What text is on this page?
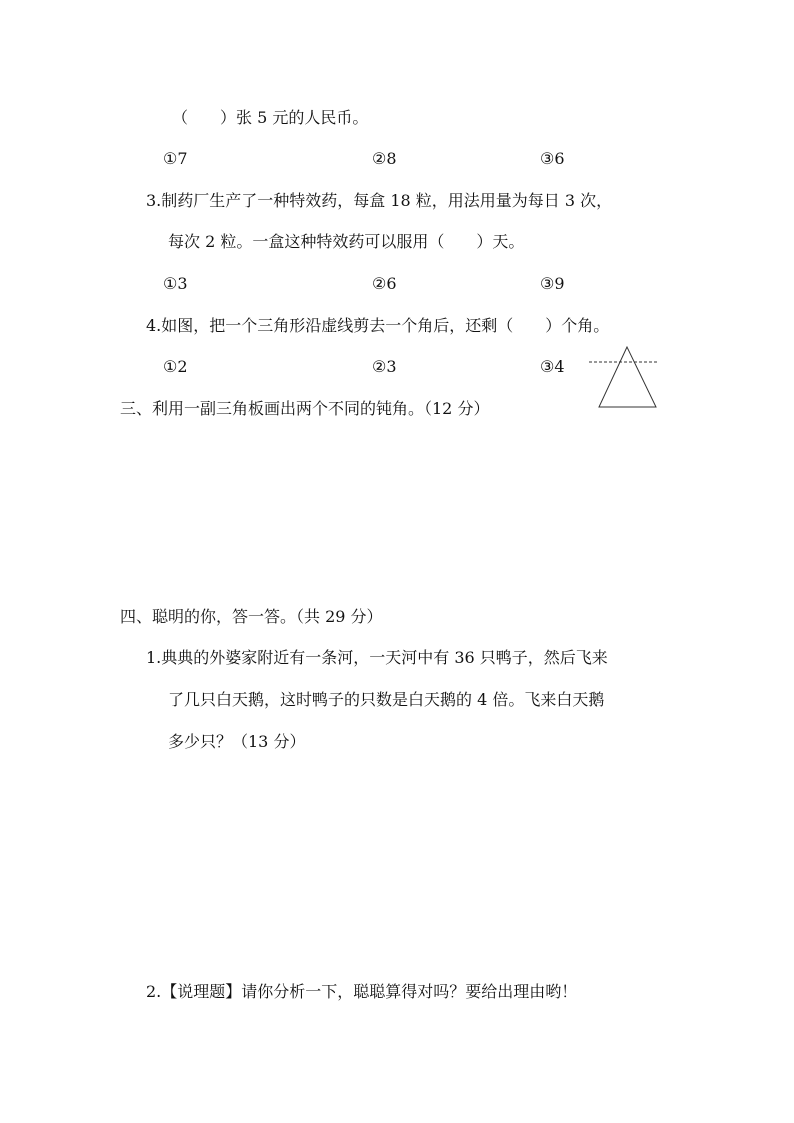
（　　）张 5 元的人民币。
①7	②8	③6
3.制药厂生产了一种特效药，每盒 18 粒，用法用量为每日 3 次，
每次 2 粒。一盒这种特效药可以服用（　　）天。
①3	②6	③9
4.如图，把一个三角形沿虚线剪去一个角后，还剩（　　）个角。
①2	②3	③4
三、利用一副三角板画出两个不同的钝角。（12 分）
四、聪明的你，答一答。（共 29 分）
1.典典的外婆家附近有一条河，一天河中有 36 只鸭子，然后飞来
了几只白天鹅，这时鸭子的只数是白天鹅的 4 倍。飞来白天鹅
多少只？（13 分）
2.【说理题】请你分析一下，聪聪算得对吗？要给出理由哟！
